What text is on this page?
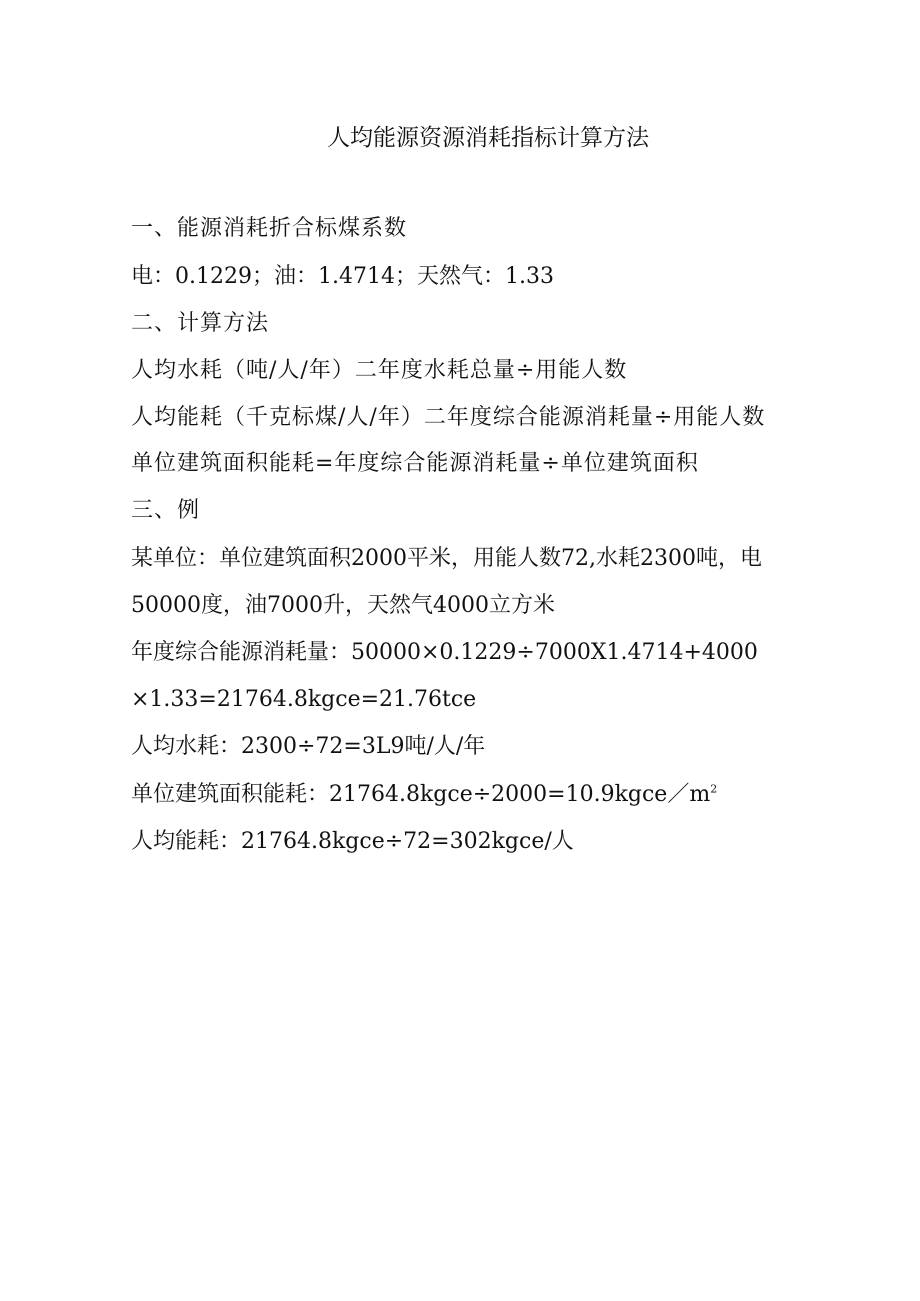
人均能源资源消耗指标计算方法
一、能源消耗折合标煤系数
电：0.1229；油：1.4714；天然气：1.33
二、计算方法
人均水耗（吨/人/年）二年度水耗总量÷用能人数
人均能耗（千克标煤/人/年）二年度综合能源消耗量÷用能人数
单位建筑面积能耗=年度综合能源消耗量÷单位建筑面积
三、例
某单位：单位建筑面积2000平米，用能人数72,水耗2300吨，电
50000度，油7000升，天然气4000立方米
年度综合能源消耗量：50000×0.1229÷7000X1.4714+4000
×1.33=21764.8kgce=21.76tce
人均水耗：2300÷72=3L9吨/人/年
单位建筑面积能耗：$21764.8kgce\div 2000=10.9kgce/m^2$
人均能耗：21764.8kgce÷72=302kgce/人
